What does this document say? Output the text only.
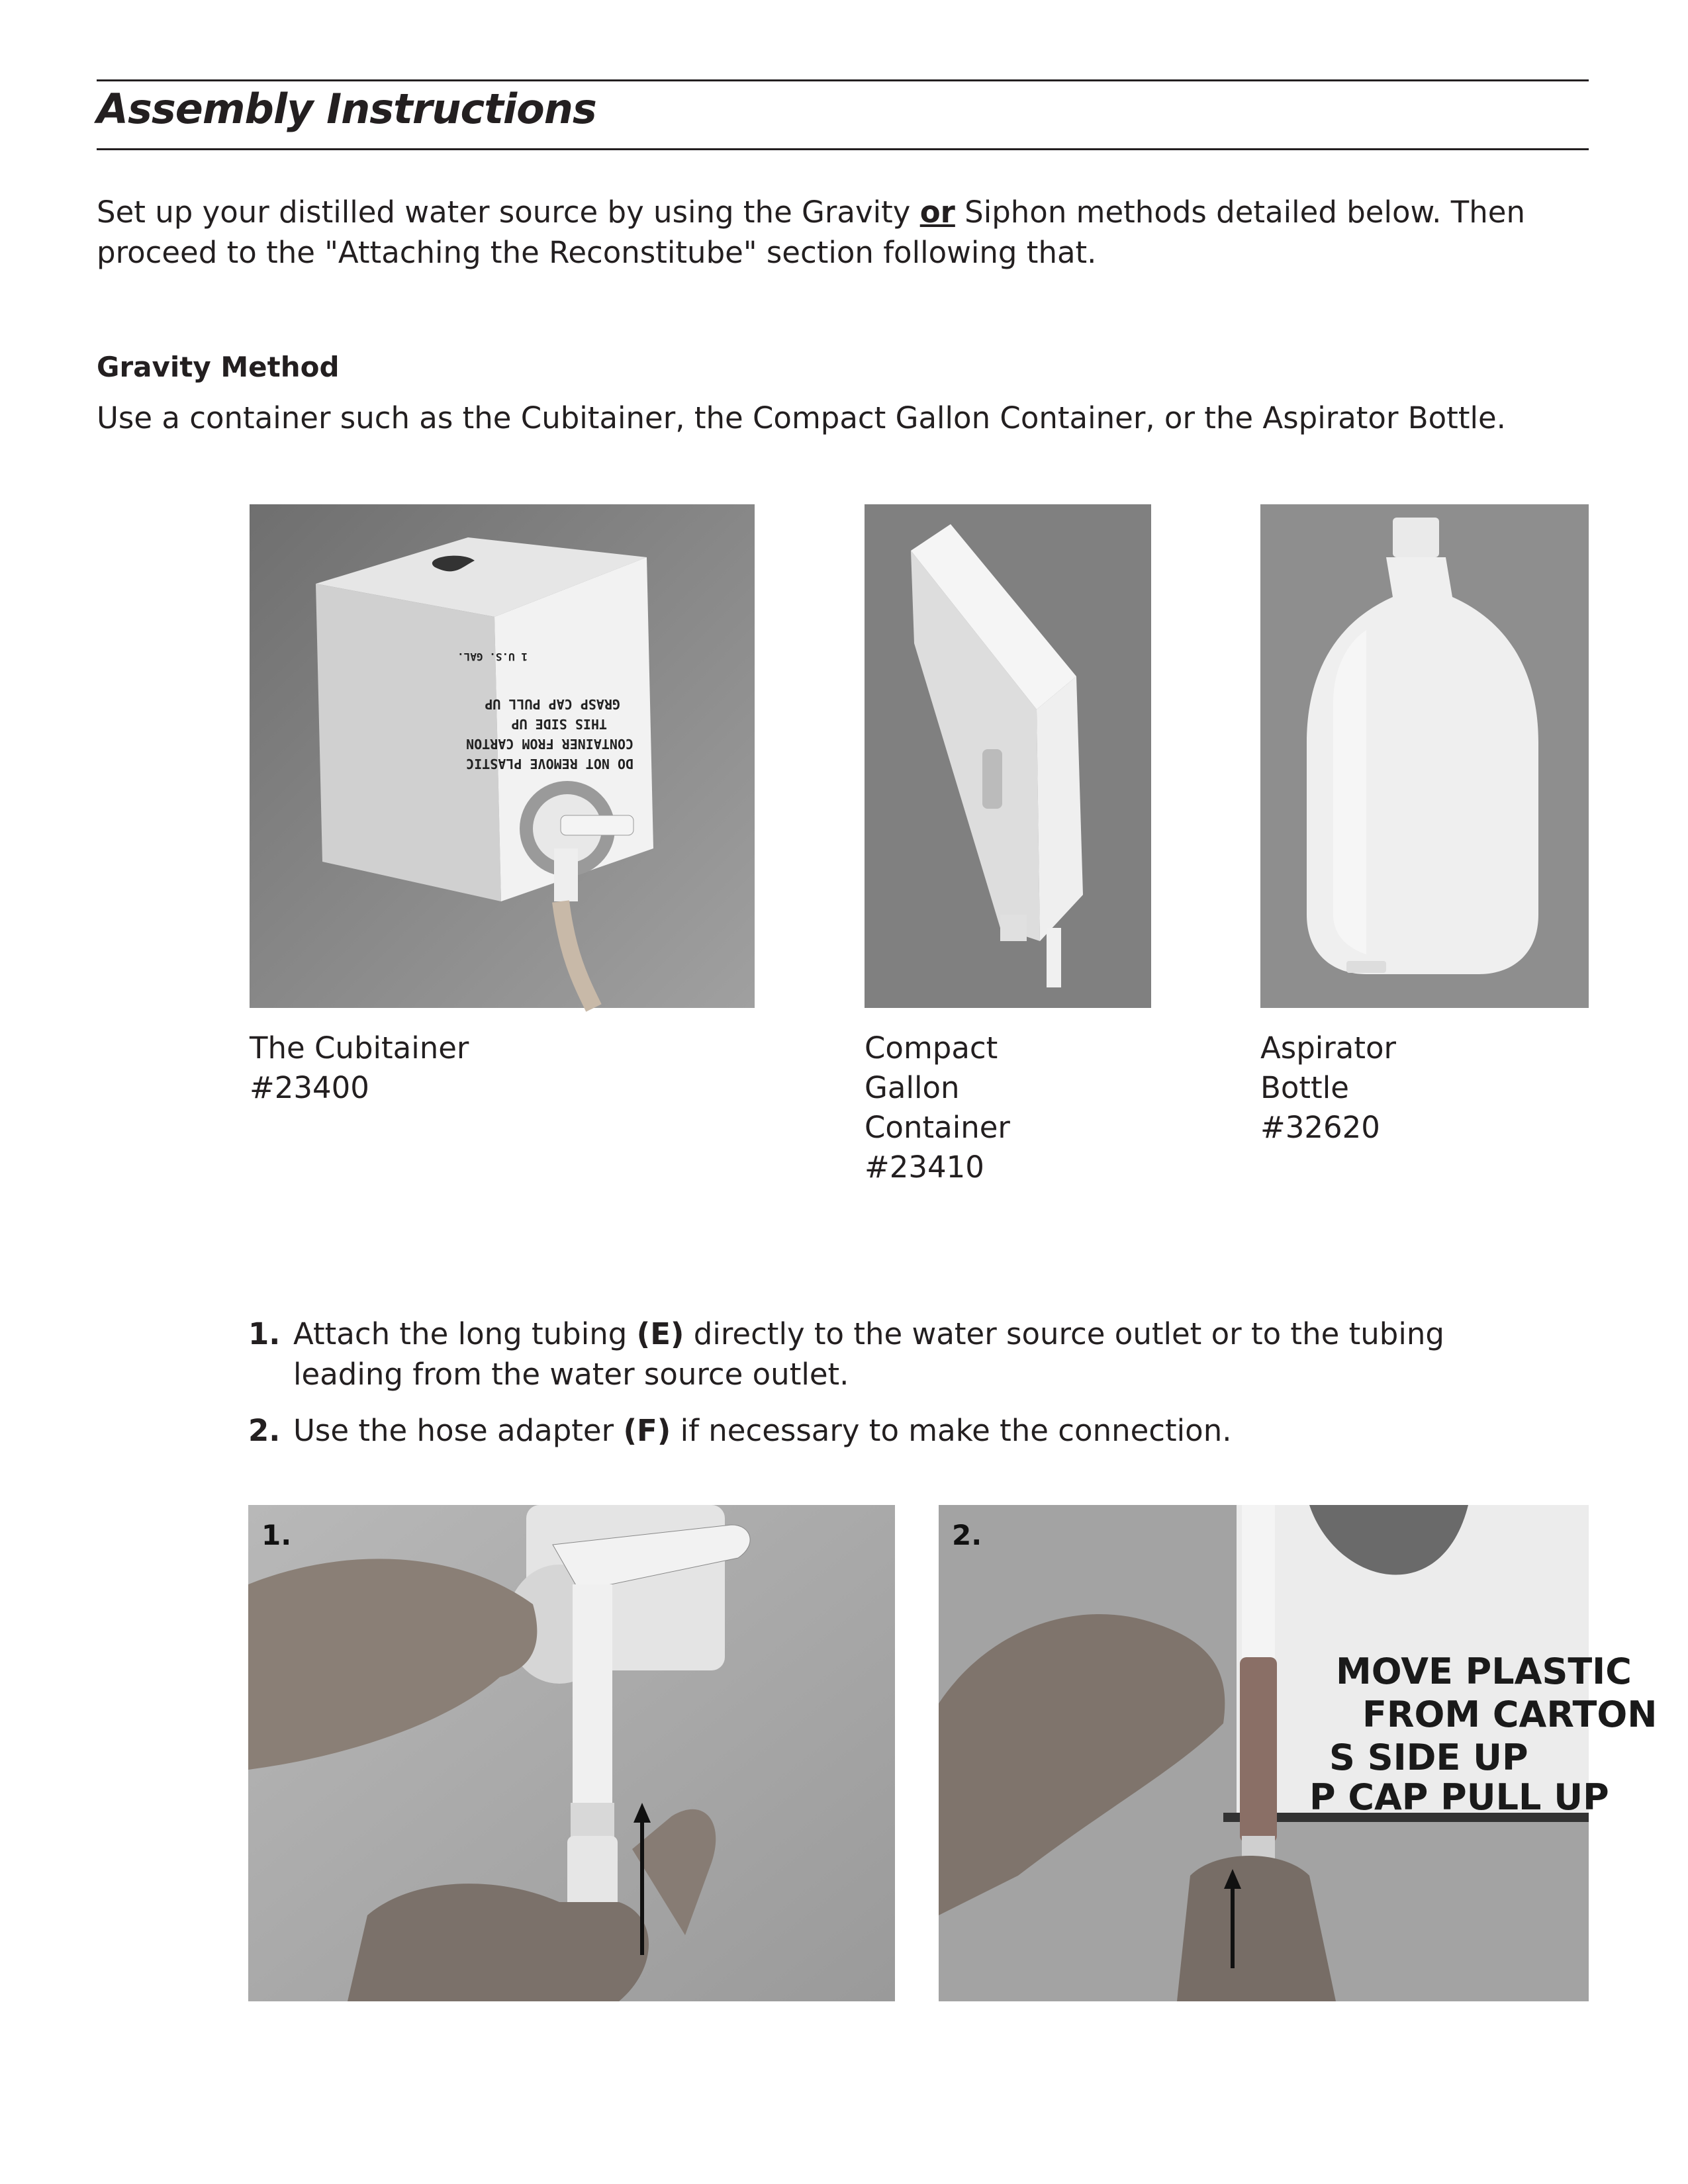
Assembly Instructions
Set up your distilled water source by using the Gravity or Siphon methods detailed below. Then
proceed to the "Attaching the Reconstitube" section following that.
Gravity Method
Use a container such as the Cubitainer, the Compact Gallon Container, or the Aspirator Bottle.
DO NOT REMOVE PLASTIC
CONTAINER FROM CARTON
THIS SIDE UP
GRASP CAP PULL UP
1 U.S. GAL.
The Cubitainer
#23400
Compact
Gallon
Container
#23410
Aspirator
Bottle
#32620
1. Attach the long tubing (E) directly to the water source outlet or to the tubing
leading from the water source outlet.
2. Use the hose adapter (F) if necessary to make the connection.
1.
MOVE PLASTIC
FROM CARTON
S SIDE UP
P CAP PULL UP
2.
